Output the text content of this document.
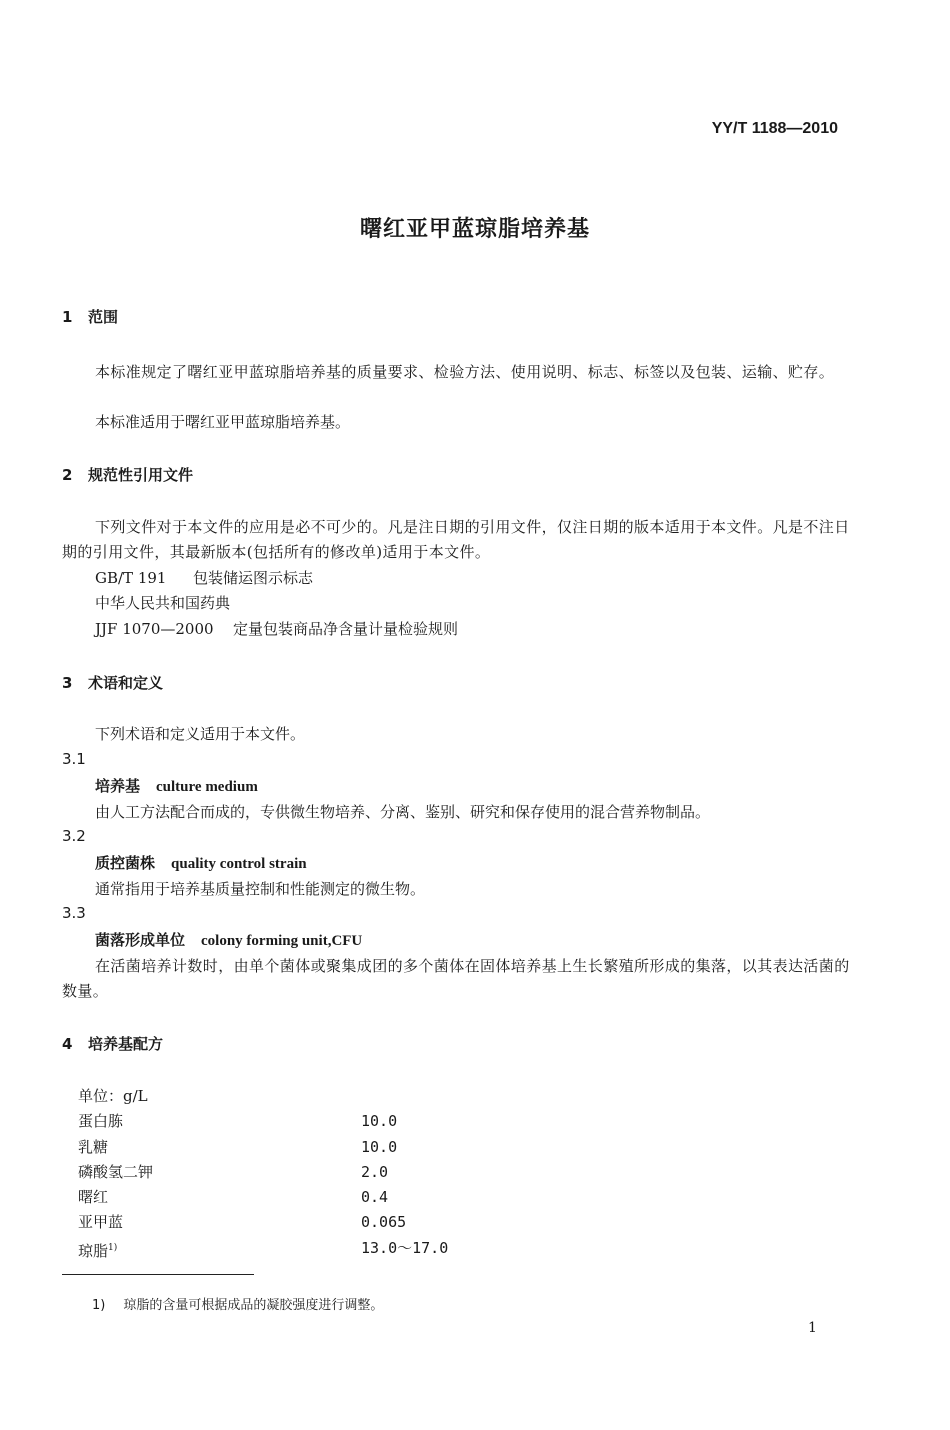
YY/T 1188—2010
曙红亚甲蓝琼脂培养基
1 范围
本标准规定了曙红亚甲蓝琼脂培养基的质量要求、检验方法、使用说明、标志、标签以及包装、运输、贮存。
本标准适用于曙红亚甲蓝琼脂培养基。
2 规范性引用文件
下列文件对于本文件的应用是必不可少的。凡是注日期的引用文件，仅注日期的版本适用于本文件。凡是不注日期的引用文件，其最新版本(包括所有的修改单)适用于本文件。
GB/T 191 包装储运图示标志
中华人民共和国药典
JJF 1070—2000 定量包装商品净含量计量检验规则
3 术语和定义
下列术语和定义适用于本文件。
3.1
培养基 culture medium
由人工方法配合而成的，专供微生物培养、分离、鉴别、研究和保存使用的混合营养物制品。
3.2
质控菌株 quality control strain
通常指用于培养基质量控制和性能测定的微生物。
3.3
菌落形成单位 colony forming unit,CFU
在活菌培养计数时，由单个菌体或聚集成团的多个菌体在固体培养基上生长繁殖所形成的集落，以其表达活菌的数量。
4 培养基配方
单位：g/L
蛋白胨	10.0
乳糖	10.0
磷酸氢二钾	2.0
曙红	0.4
亚甲蓝	0.065
琼脂$^{1)}$	13.0～17.0
1) 琼脂的含量可根据成品的凝胶强度进行调整。
1
